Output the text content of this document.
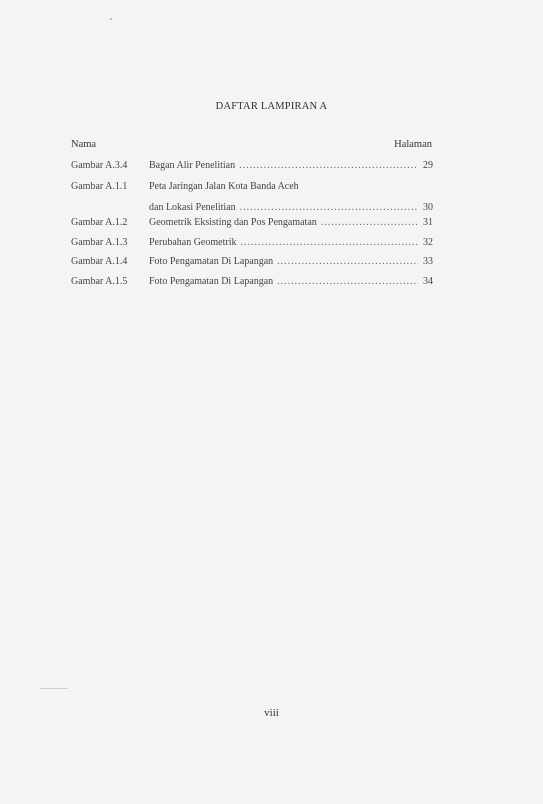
DAFTAR LAMPIRAN A
Nama	Halaman
Gambar A.3.4 Bagan Alir Penelitian .....	29
Gambar A.1.1 Peta Jaringan Jalan Kota Banda Aceh
dan Lokasi Penelitian .....	30
Gambar A.1.2 Geometrik Eksisting dan Pos Pengamatan .....	31
Gambar A.1.3 Perubahan Geometrik .....	32
Gambar A.1.4 Foto Pengamatan Di Lapangan .....	33
Gambar A.1.5 Foto Pengamatan Di Lapangan .....	34
viii
